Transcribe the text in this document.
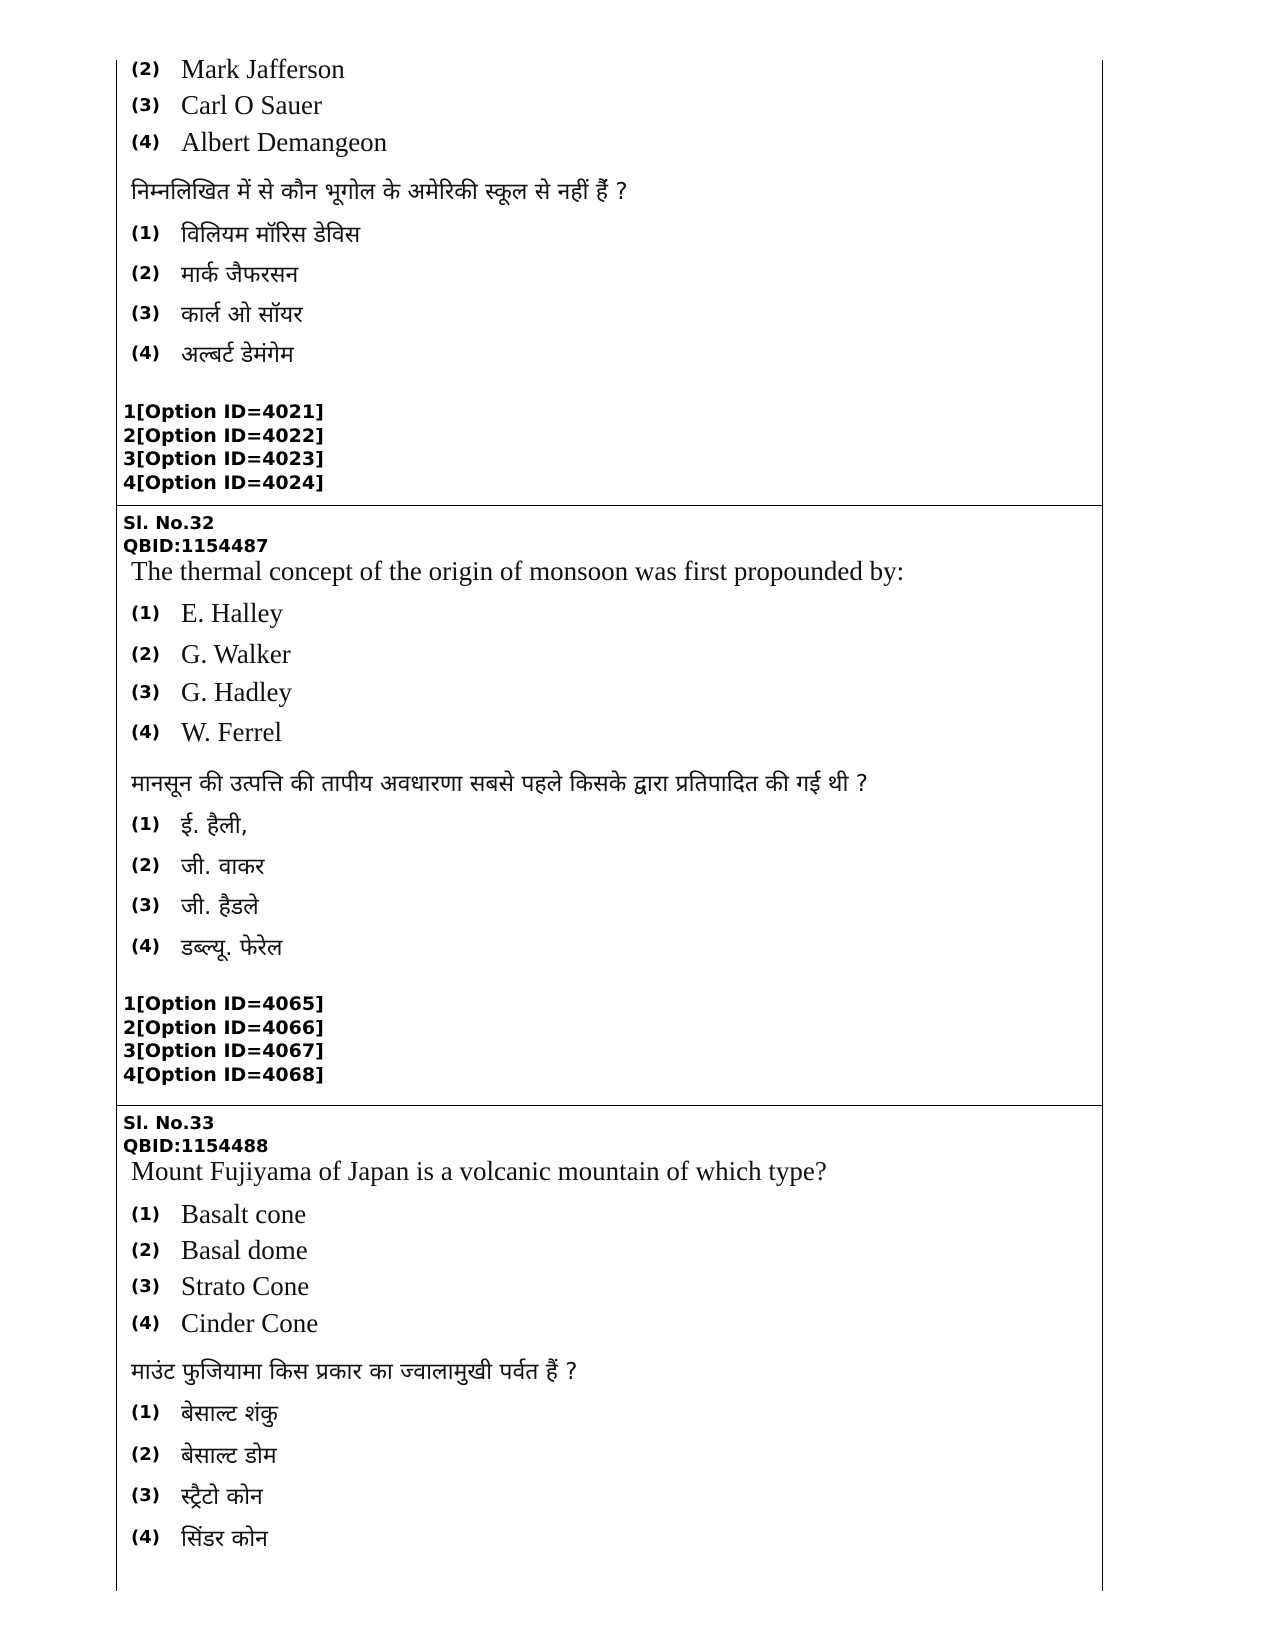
(2) Mark Jafferson
(3) Carl O Sauer
(4) Albert Demangeon
निम्नलिखित में से कौन भूगोल के अमेरिकी स्कूल से नहीं हैंं ?
(1) विलियम मॉरिस डेविस
(2) मार्क जैफरसन
(3) कार्ल ओ सॉयर
(4) अल्बर्ट डेमंगेम
1[Option ID=4021]
2[Option ID=4022]
3[Option ID=4023]
4[Option ID=4024]
Sl. No.32
QBID:1154487
The thermal concept of the origin of monsoon was first propounded by:
(1) E. Halley
(2) G. Walker
(3) G. Hadley
(4) W. Ferrel
मानसून की उत्पत्ति की तापीय अवधारणा सबसे पहले किसके द्वारा प्रतिपादित की गई थी ?
(1) ई. हैली,
(2) जी. वाकर
(3) जी. हैडले
(4) डब्ल्यू. फेरेल
1[Option ID=4065]
2[Option ID=4066]
3[Option ID=4067]
4[Option ID=4068]
Sl. No.33
QBID:1154488
Mount Fujiyama of Japan is a volcanic mountain of which type?
(1) Basalt cone
(2) Basal dome
(3) Strato Cone
(4) Cinder Cone
माउंट फुजियामा किस प्रकार का ज्वालामुखी पर्वत हैं ?
(1) बेसाल्ट शंकु
(2) बेसाल्ट डोम
(3) स्ट्रैटो कोन
(4) सिंडर कोन
